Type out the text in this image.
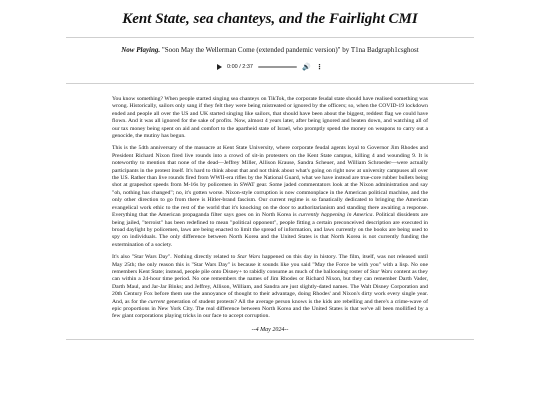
Kent State, sea chanteys, and the Fairlight CMI
Now Playing. "Soon May the Wellerman Come (extended pandemic version)" by T1na Badgraph1csghost
0:00 / 2:37	🔊 ⋮

You know something? When people started singing sea chanteys on TikTok, the corporate feudal state should have realised something was wrong. Historically, sailors only sang if they felt they were being mistreated or ignored by the officers; so, when the COVID-19 lockdown ended and people all over the US and UK started singing like sailors, that should have been about the biggest, reddest flag we could have flown. And it was all ignored for the sake of profits. Now, almost 4 years later, after being ignored and beaten down, and watching all of our tax money being spent on aid and comfort to the apartheid state of Israel, who promptly spend the money on weapons to carry out a genocide, the mutiny has begun.

This is the 54th anniversary of the massacre at Kent State University, where corporate feudal agents loyal to Governor Jim Rhodes and President Richard Nixon fired live rounds into a crowd of sit-in protesters on the Kent State campus, killing 4 and wounding 9. It is noteworthy to mention that none of the dead—Jeffrey Miller, Allison Krause, Sandra Scheuer, and William Schroeder—were actually participants in the protest itself. It's hard to think about that and not think about what's going on right now at university campuses all over the US. Rather than live rounds fired from WWII-era rifles by the National Guard, what we have instead are true-core rubber bullets being shot at grapeshot speeds from M-16s by policemen in SWAT gear. Some jaded commentators look at the Nixon administration and say "oh, nothing has changed"; no, it's gotten worse. Nixon-style corruption is now commonplace in the American political machine, and the only other direction to go from there is Hitler-brand fascism. Our current regime is so fanatically dedicated to bringing the American evangelical work ethic to the rest of the world that it's knocking on the door to authoritarianism and standing there awaiting a response. Everything that the American propaganda filter says goes on in North Korea is currently happening in America. Political dissidents are being jailed, "terroist" has been redefined to mean "political opponent", people fitting a certain preconceived description are executed in broad daylight by policemen, laws are being enacted to limit the spread of information, and laws currently on the books are being used to spy on individuals. The only difference between North Korea and the United States is that North Korea is not currently funding the extermination of a society.

It's also "Star Wars Day". Nothing directly related to Star Wars happened on this day in history. The film, itself, was not released until May 25th; the only reason this is "Star Wars Day" is because it sounds like you said "May the Force be with you" with a lisp. No one remembers Kent State; instead, people pile onto Disney+ to rabidly consume as much of the ballooning roster of Star Wars content as they can within a 24-hour time period. No one remembers the names of Jim Rhodes or Richard Nixon, but they can remember Darth Vader, Darth Maul, and Jar-Jar Binks; and Jeffrey, Allison, William, and Sandra are just slightly-dated names. The Walt Disney Corporation and 20th Century Fox before them use the annoyance of thought to their advantage, doing Rhodes' and Nixon's dirty work every single year. And, as for the current generation of student protests? All the average person knows is the kids are rebelling and there's a crime-wave of epic proportions in New York City. The real difference between North Korea and the United States is that we've all been mollified by a few giant corporations playing tricks in our face to accept corruption.

--4 May 2024--
